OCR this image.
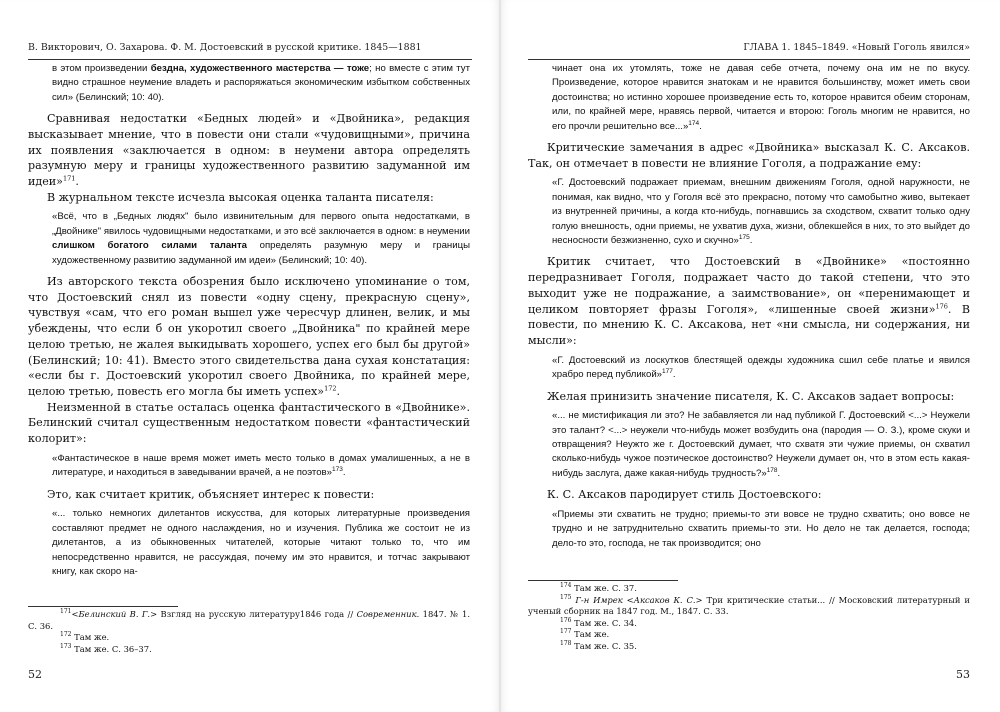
В. Викторович, О. Захарова. Ф. М. Достоевский в русской критике. 1845—1881

в этом произведении бездна, художественного мастерства — тоже; но вместе с этим тут видно страшное неумение владеть и распоряжаться экономическим избытком собственных сил» (Белинский; 10: 40).

Сравнивая недостатки «Бедных людей» и «Двойника», редакция высказывает мнение, что в повести они стали «чудовищными», причина их появления «заключается в одном: в неумени автора определять разумную меру и границы художественного развитию задуманной им идеи»$^{171}$.

В журнальном тексте исчезла высокая оценка таланта писателя:

«Всё, что в „Бедных людях" было извинительным для первого опыта недостатками, в „Двойнике" явилось чудовищными недостатками, и это всё заключается в одном: в неумении слишком богатого силами таланта определять разумную меру и границы художественному развитию задуманной им идеи» (Белинский; 10: 40).

Из авторского текста обозрения было исключено упоминание о том, что Достоевский снял из повести «одну сцену, прекрасную сцену», чувствуя «сам, что его роман вышел уже чересчур длинен, велик, и мы убеждены, что если б он укоротил своего „Двойника" по крайней мере целою третью, не жалея выкидывать хорошего, успех его был бы другой» (Белинский; 10: 41). Вместо этого свидетельства дана сухая констатация: «если бы г. Достоевский укоротил своего Двойника, по крайней мере, целою третью, повесть его могла бы иметь успех»$^{172}$.

Неизменной в статье осталась оценка фантастического в «Двойнике». Белинский считал существенным недостатком повести «фантастический колорит»:

«Фантастическое в наше время может иметь место только в домах умалишенных, а не в литературе, и находиться в заведывании врачей, а не поэтов»$^{173}$.

Это, как считает критик, объясняет интерес к повести:

«... только немногих дилетантов искусства, для которых литературные произведения составляют предмет не одного наслаждения, но и изучения. Публика же состоит не из дилетантов, а из обыкновенных читателей, которые читают только то, что им непосредственно нравится, не рассуждая, почему им это нравится, и тотчас закрывают книгу, как скоро на-

$^{171}$<Белинский В. Г.> Взгляд на русскую литературу1846 года // Современник. 1847. № 1. С. 36.

$^{172}$ Там же.

$^{173}$ Там же. С. 36–37.

52
ГЛАВА 1. 1845–1849. «Новый Гоголь явился»

чинает она их утомлять, тоже не давая себе отчета, почему она им не по вкусу. Произведение, которое нравится знатокам и не нравится большинству, может иметь свои достоинства; но истинно хорошее произведение есть то, которое нравится обеим сторонам, или, по крайней мере, нравясь первой, читается и второю: Гоголь многим не нравится, но его прочли решительно все...»$^{174}$.

Критические замечания в адрес «Двойника» высказал К. С. Аксаков. Так, он отмечает в повести не влияние Гоголя, а подражание ему:

«Г. Достоевский подражает приемам, внешним движениям Гоголя, одной наружности, не понимая, как видно, что у Гоголя всё это прекрасно, потому что самобытно живо, вытекает из внутренней причины, а когда кто-нибудь, погнавшись за сходством, схватит только одну голую внешность, одни приемы, не ухватив духа, жизни, облекшейся в них, то это выйдет до несносности безжизненно, сухо и скучно»$^{175}$.

Критик считает, что Достоевский в «Двойнике» «постоянно передразнивает Гоголя, подражает часто до такой степени, что это выходит уже не подражание, а заимствование», он «перенимающет и целиком повторяет фразы Гоголя», «лишенные своей жизни»$^{176}$. В повести, по мнению К. С. Аксакова, нет «ни смысла, ни содержания, ни мысли»:

«Г. Достоевский из лоскутков блестящей одежды художника сшил себе платье и явился храбро перед публикой»$^{177}$.

Желая принизить значение писателя, К. С. Аксаков задает вопросы:

«... не мистификация ли это? Не забавляется ли над публикой Г. Достоевский <...> Неужели это талант? <...> неужели что-нибудь может возбудить она (пародия — О. З.), кроме скуки и отвращения? Неужто же г. Достоевский думает, что схватя эти чужие приемы, он схватил сколько-нибудь чужое поэтическое достоинство? Неужели думает он, что в этом есть какая-нибудь заслуга, даже какая-нибудь трудность?»$^{178}$.

К. С. Аксаков пародирует стиль Достоевского:

«Приемы эти схватить не трудно; приемы-то эти вовсе не трудно схватить; оно вовсе не трудно и не затруднительно схватить приемы-то эти. Но дело не так делается, господа; дело-то это, господа, не так производится; оно

$^{174}$ Там же. С. 37.

$^{175}$ Г-н Имрек <Аксаков К. С.> Три критические статьи... // Московский литературный и ученый сборник на 1847 год. М., 1847. С. 33.

$^{176}$ Там же. С. 34.

$^{177}$ Там же.

$^{178}$ Там же. С. 35.

53
